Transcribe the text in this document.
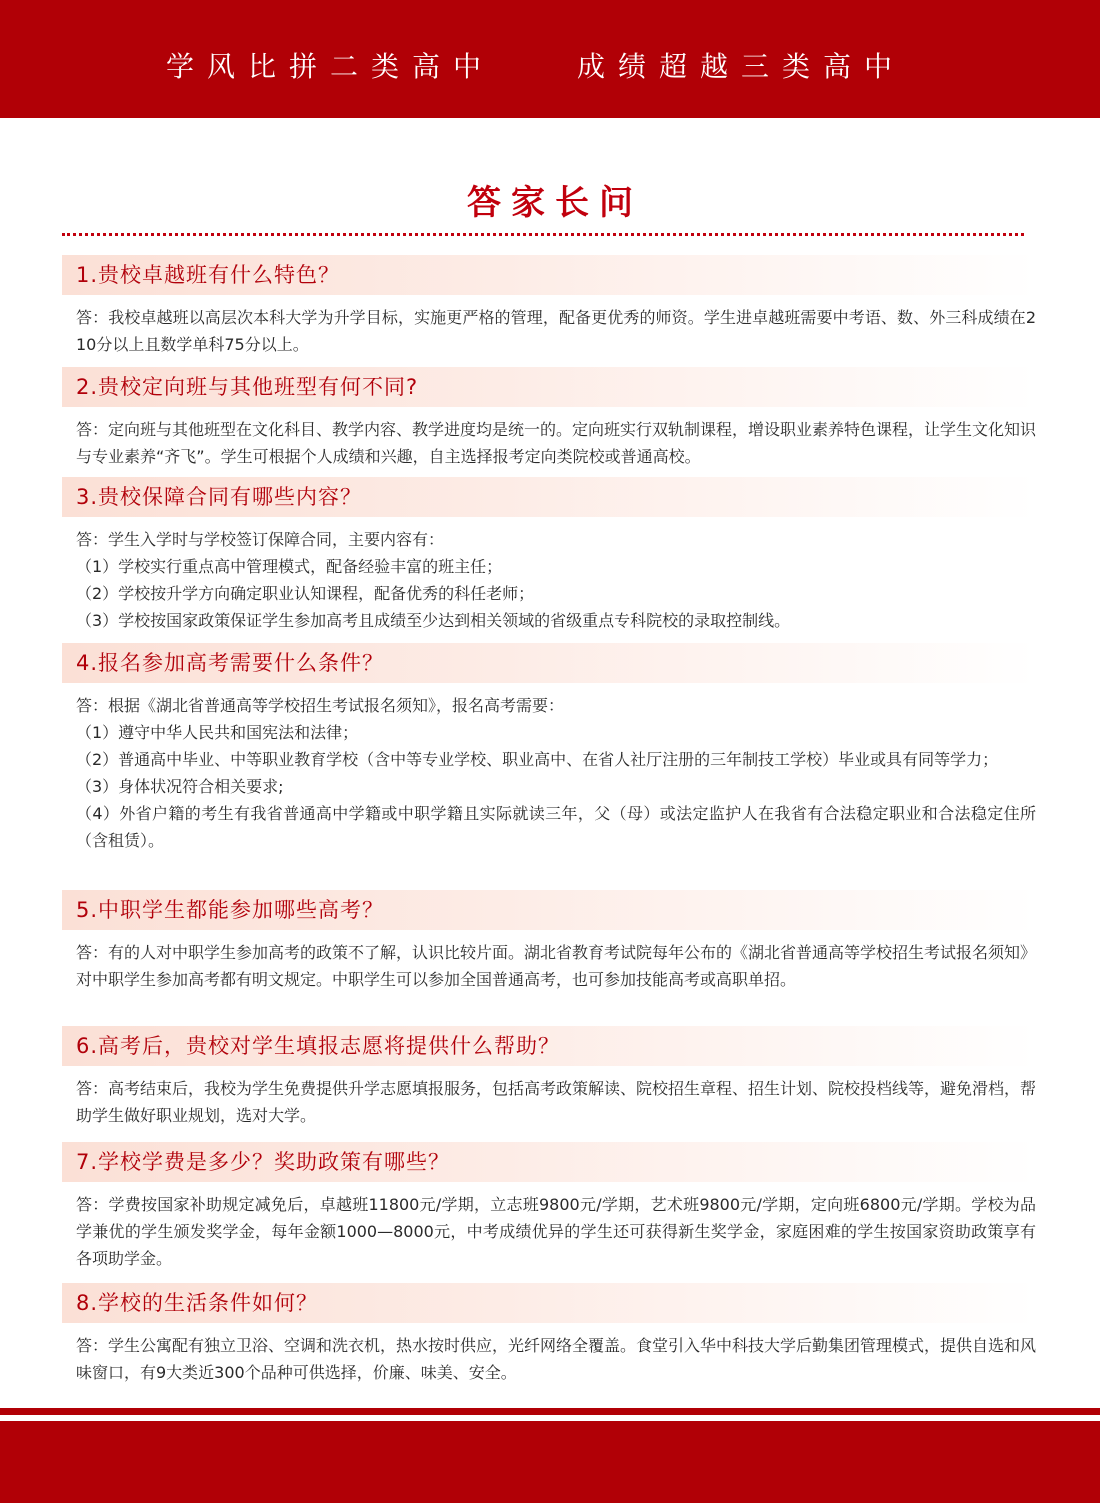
学风比拼二类高中	成绩超越三类高中
答家长问
1.贵校卓越班有什么特色？

答：我校卓越班以高层次本科大学为升学目标，实施更严格的管理，配备更优秀的师资。学生进卓越班需要中考语、数、外三科成绩在210分以上且数学单科75分以上。

2.贵校定向班与其他班型有何不同?

答：定向班与其他班型在文化科目、教学内容、教学进度均是统一的。定向班实行双轨制课程，增设职业素养特色课程，让学生文化知识与专业素养“齐飞”。学生可根据个人成绩和兴趣，自主选择报考定向类院校或普通高校。

3.贵校保障合同有哪些内容？

答：学生入学时与学校签订保障合同，主要内容有：

（1）学校实行重点高中管理模式，配备经验丰富的班主任；

（2）学校按升学方向确定职业认知课程，配备优秀的科任老师；

（3）学校按国家政策保证学生参加高考且成绩至少达到相关领域的省级重点专科院校的录取控制线。

4.报名参加高考需要什么条件？

答：根据《湖北省普通高等学校招生考试报名须知》，报名高考需要：

（1）遵守中华人民共和国宪法和法律；

（2）普通高中毕业、中等职业教育学校（含中等专业学校、职业高中、在省人社厅注册的三年制技工学校）毕业或具有同等学力；

（3）身体状况符合相关要求;

（4）外省户籍的考生有我省普通高中学籍或中职学籍且实际就读三年，父（母）或法定监护人在我省有合法稳定职业和合法稳定住所（含租赁）。

5.中职学生都能参加哪些高考？

答：有的人对中职学生参加高考的政策不了解，认识比较片面。湖北省教育考试院每年公布的《湖北省普通高等学校招生考试报名须知》对中职学生参加高考都有明文规定。中职学生可以参加全国普通高考，也可参加技能高考或高职单招。

6.高考后，贵校对学生填报志愿将提供什么帮助？

答：高考结束后，我校为学生免费提供升学志愿填报服务，包括高考政策解读、院校招生章程、招生计划、院校投档线等，避免滑档，帮助学生做好职业规划，选对大学。

7.学校学费是多少？奖助政策有哪些？

答：学费按国家补助规定减免后，卓越班11800元/学期，立志班9800元/学期，艺术班9800元/学期，定向班6800元/学期。学校为品学兼优的学生颁发奖学金，每年金额1000—8000元，中考成绩优异的学生还可获得新生奖学金，家庭困难的学生按国家资助政策享有各项助学金。

8.学校的生活条件如何？

答：学生公寓配有独立卫浴、空调和洗衣机，热水按时供应，光纤网络全覆盖。食堂引入华中科技大学后勤集团管理模式，提供自选和风味窗口，有9大类近300个品种可供选择，价廉、味美、安全。
